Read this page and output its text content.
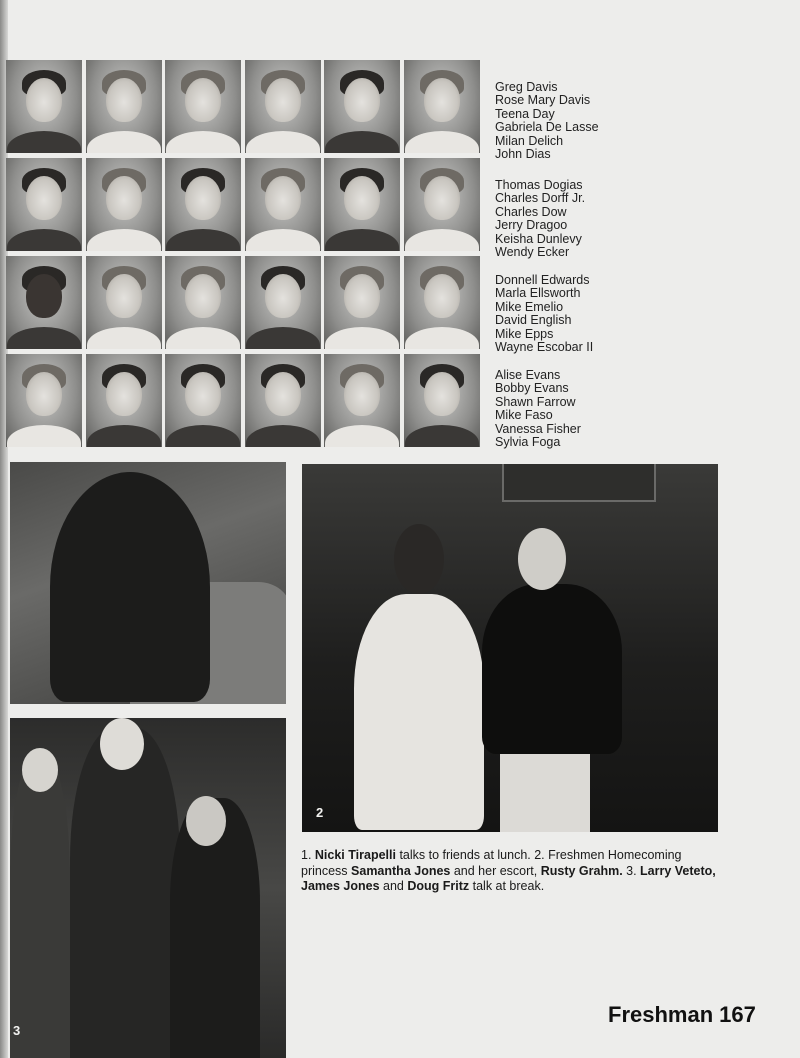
Greg Davis
Rose Mary Davis
Teena Day
Gabriela De Lasse
Milan Delich
John Dias
Thomas Dogias
Charles Dorff Jr.
Charles Dow
Jerry Dragoo
Keisha Dunlevy
Wendy Ecker
Donnell Edwards
Marla Ellsworth
Mike Emelio
David English
Mike Epps
Wayne Escobar II
Alise Evans
Bobby Evans
Shawn Farrow
Mike Faso
Vanessa Fisher
Sylvia Foga
2
3
1. Nicki Tirapelli talks to friends at lunch. 2. Freshmen Homecoming princess Samantha Jones and her escort, Rusty Grahm. 3. Larry Veteto, James Jones and Doug Fritz talk at break.
Freshman 167
